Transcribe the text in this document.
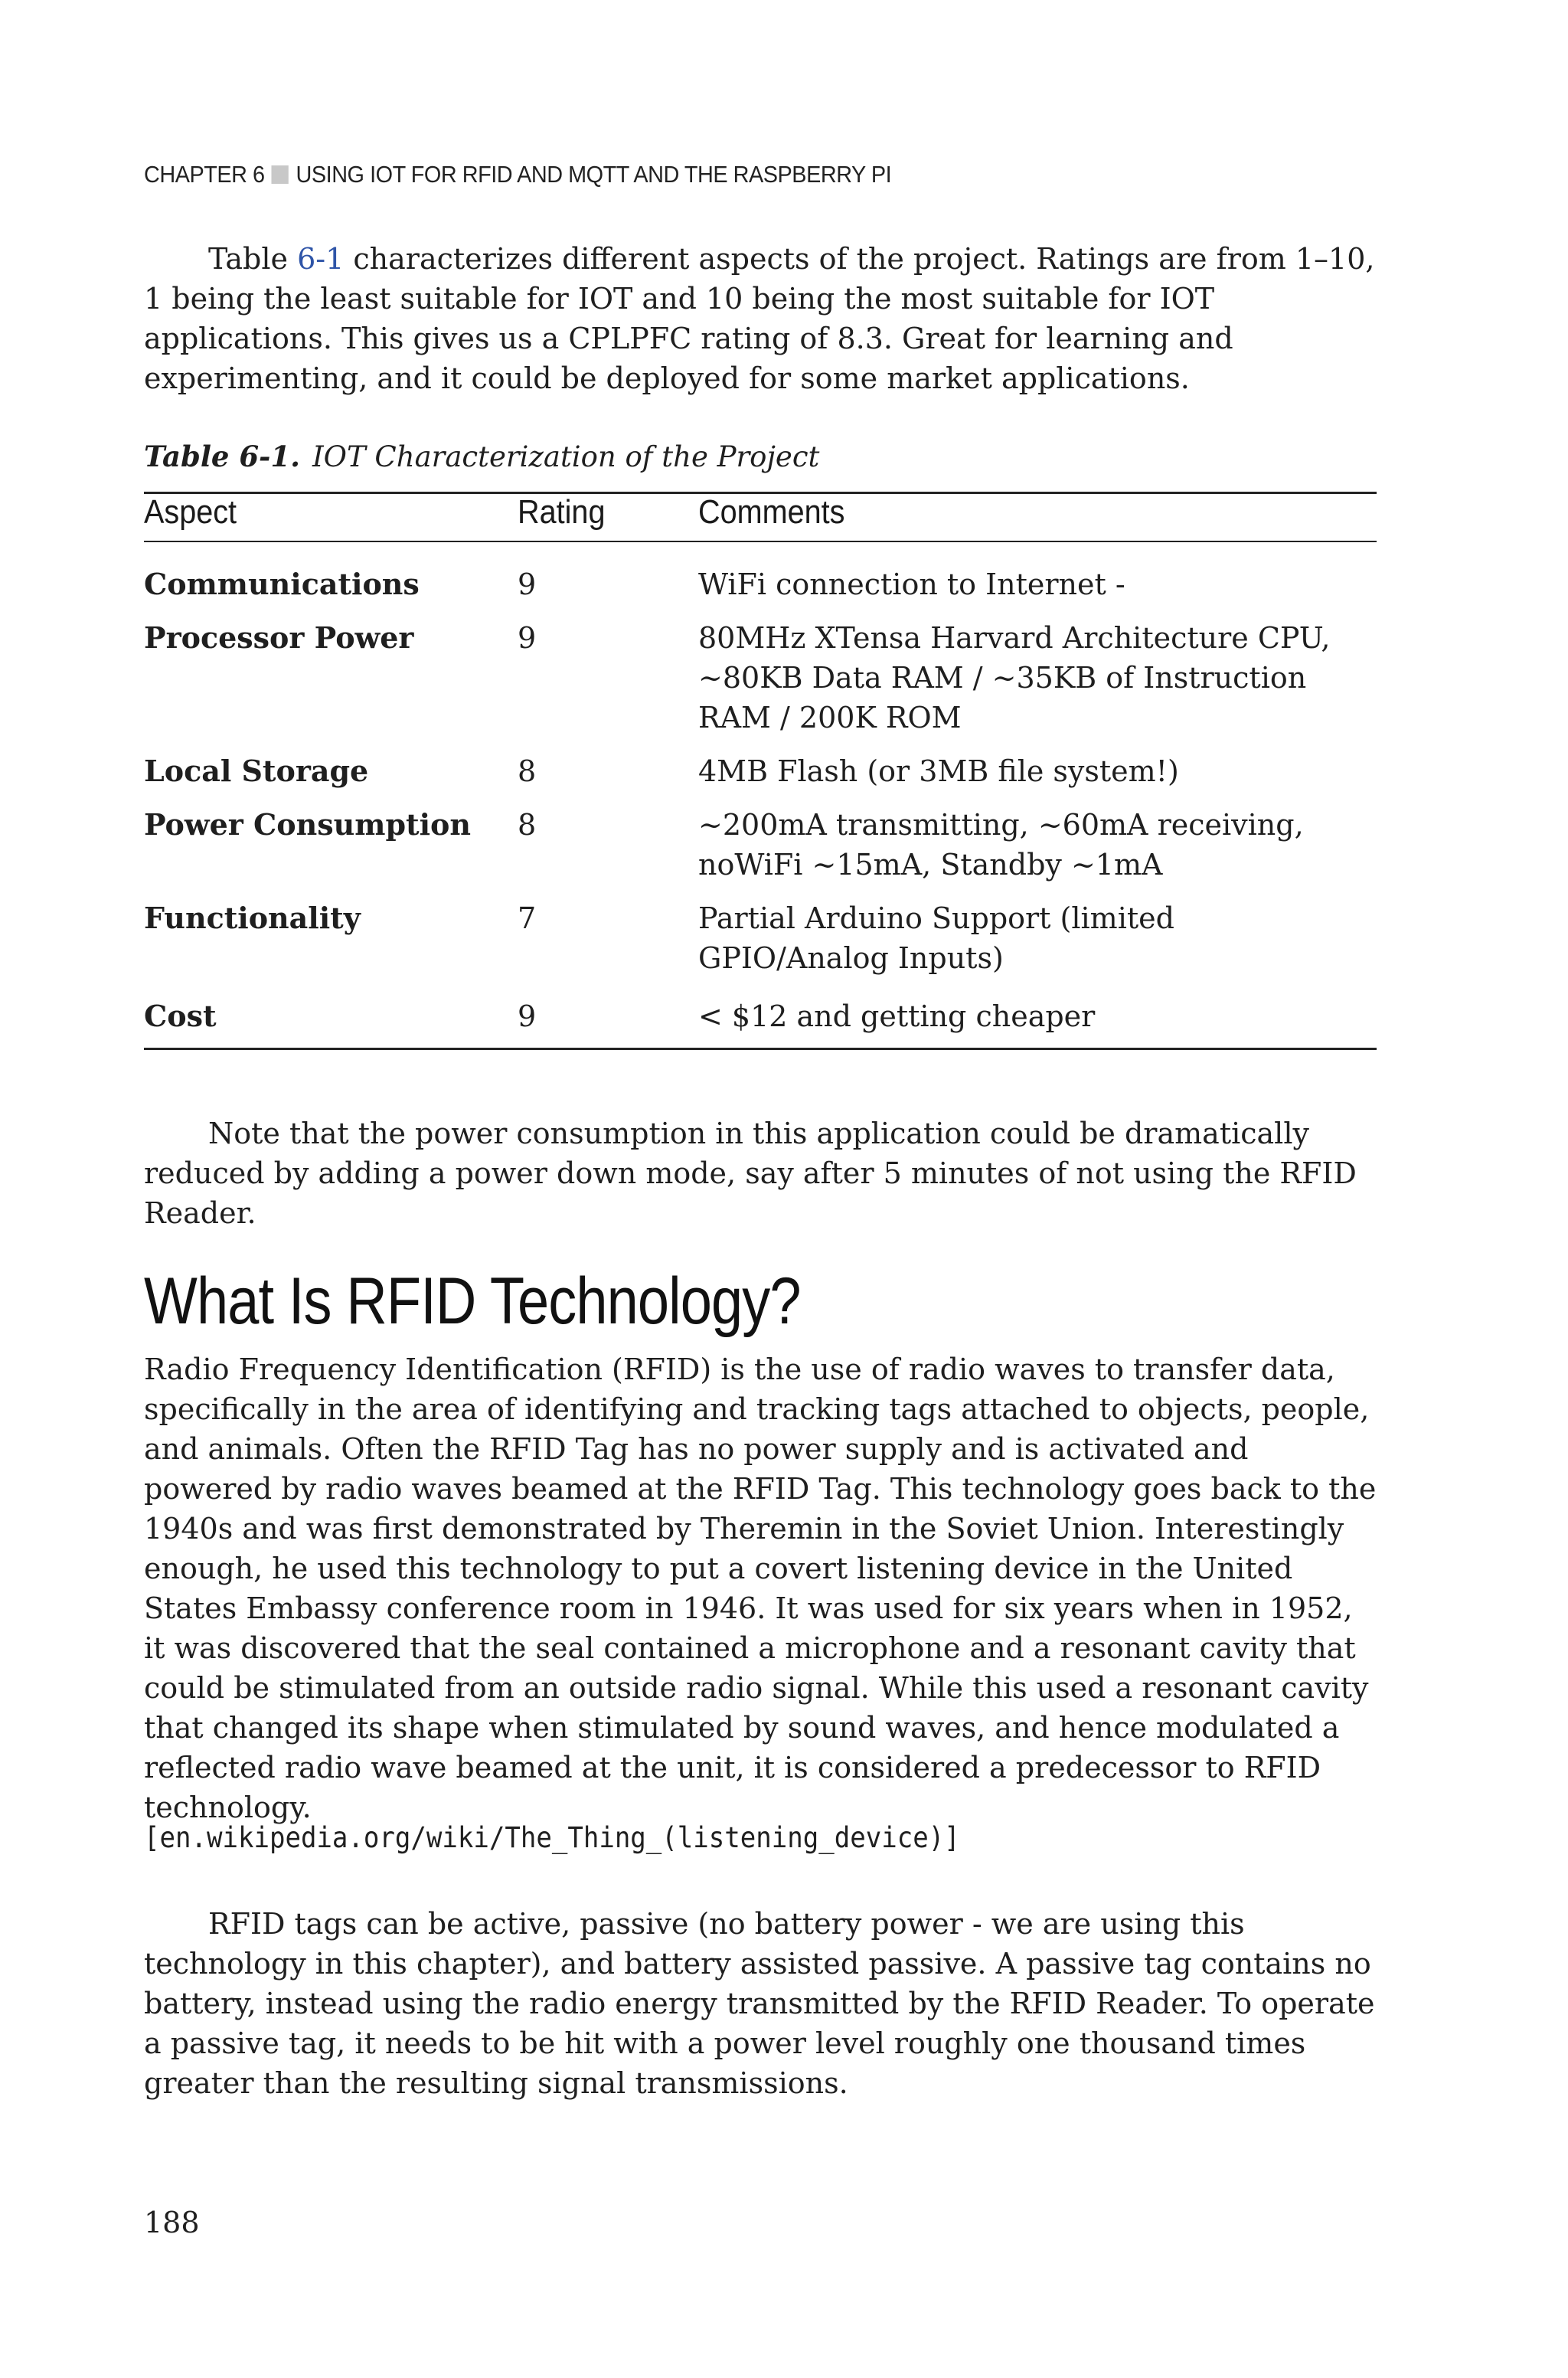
CHAPTER 6 USING IOT FOR RFID AND MQTT AND THE RASPBERRY PI

Table 6-1 characterizes different aspects of the project. Ratings are from 1–10, 1 being the least suitable for IOT and 10 being the most suitable for IOT applications. This gives us a CPLPFC rating of 8.3. Great for learning and experimenting, and it could be deployed for some market applications.

Table 6-1. IOT Characterization of the Project
Aspect	Rating	Comments
Communications	9	WiFi connection to Internet -
Processor Power	9	80MHz XTensa Harvard Architecture CPU, ~80KB Data RAM / ~35KB of Instruction RAM / 200K ROM
Local Storage	8	4MB Flash (or 3MB file system!)
Power Consumption	8	~200mA transmitting, ~60mA receiving, noWiFi ~15mA, Standby ~1mA
Functionality	7	Partial Arduino Support (limited GPIO/Analog Inputs)
Cost	9	< $12 and getting cheaper

Note that the power consumption in this application could be dramatically reduced by adding a power down mode, say after 5 minutes of not using the RFID Reader.

What Is RFID Technology?

Radio Frequency Identification (RFID) is the use of radio waves to transfer data, specifically in the area of identifying and tracking tags attached to objects, people, and animals. Often the RFID Tag has no power supply and is activated and powered by radio waves beamed at the RFID Tag. This technology goes back to the 1940s and was first demonstrated by Theremin in the Soviet Union. Interestingly enough, he used this technology to put a covert listening device in the United States Embassy conference room in 1946. It was used for six years when in 1952, it was discovered that the seal contained a microphone and a resonant cavity that could be stimulated from an outside radio signal. While this used a resonant cavity that changed its shape when stimulated by sound waves, and hence modulated a reflected radio wave beamed at the unit, it is considered a predecessor to RFID technology.

[en.wikipedia.org/wiki/The_Thing_(listening_device)]

RFID tags can be active, passive (no battery power - we are using this technology in this chapter), and battery assisted passive. A passive tag contains no battery, instead using the radio energy transmitted by the RFID Reader. To operate a passive tag, it needs to be hit with a power level roughly one thousand times greater than the resulting signal transmissions.

188
